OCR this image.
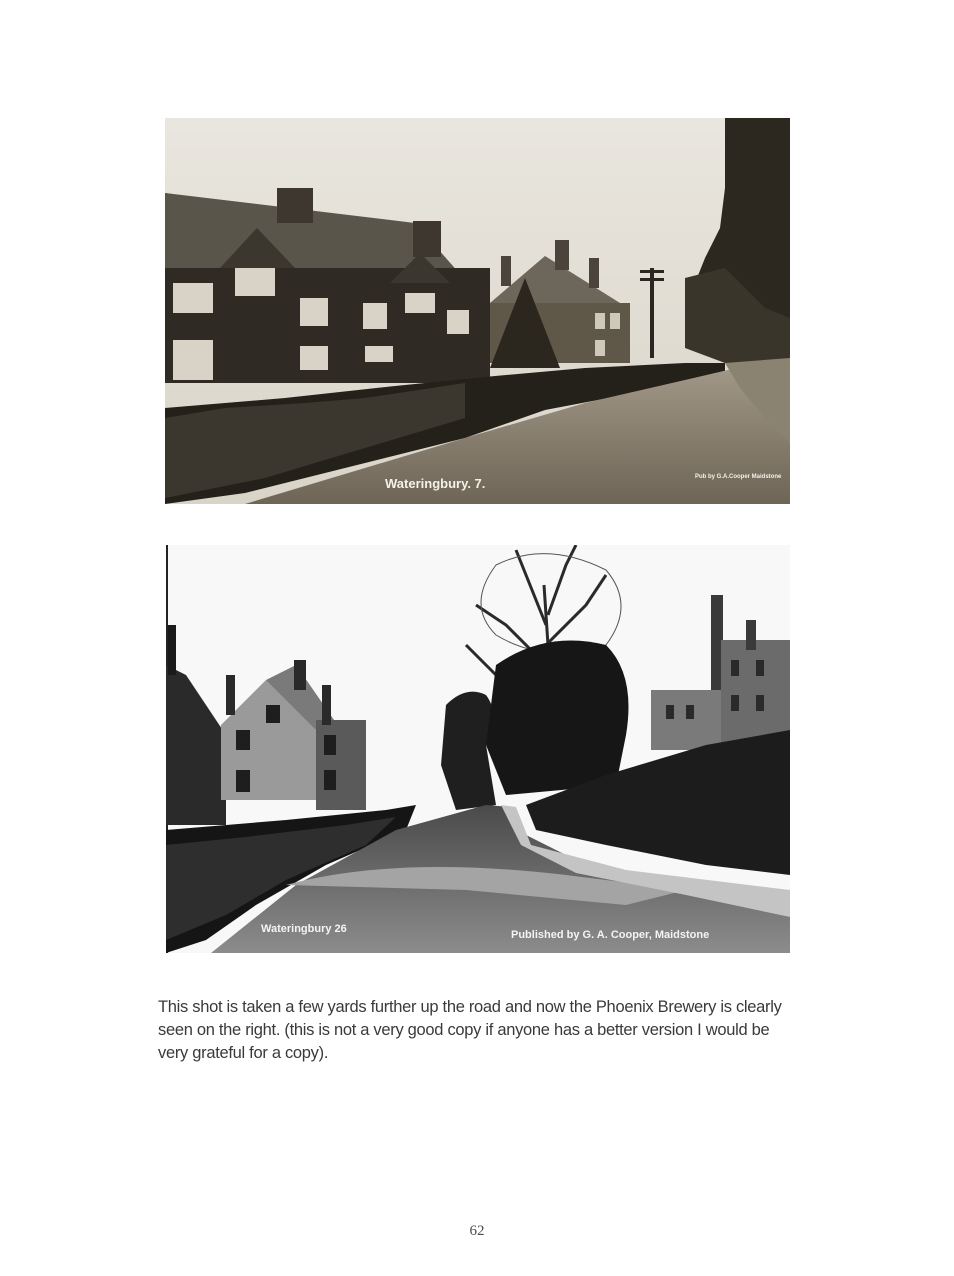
Wateringbury. 7.	Pub by G.A.Cooper Maidstone
Wateringbury 26	Published by G. A. Cooper, Maidstone
This shot is taken a few yards further up the road and now the Phoenix Brewery is clearly
seen on the right. (this is not a very good copy if anyone has a better version I would be
very grateful for a copy).
62
